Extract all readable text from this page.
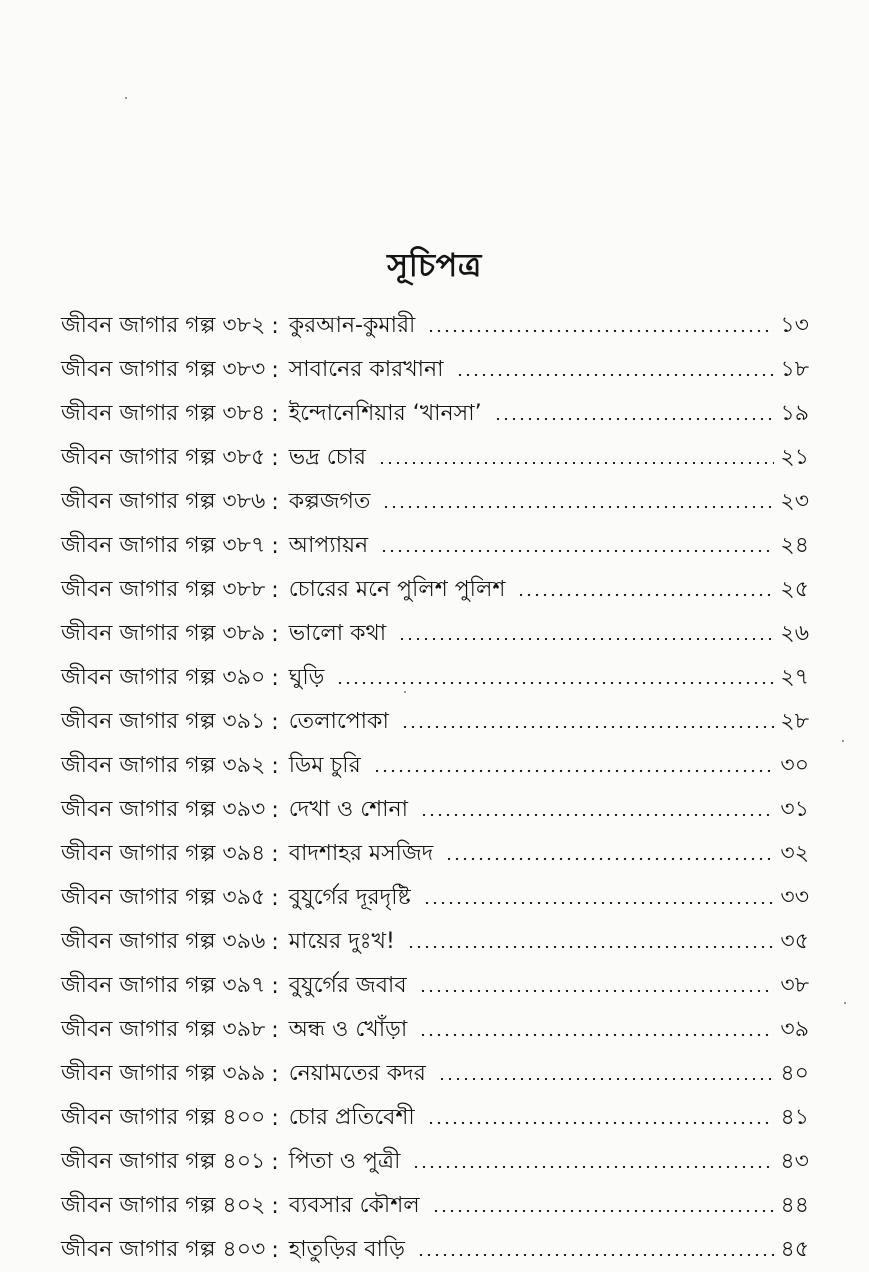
সূচিপত্র
জীবন জাগার গল্প ৩৮২ : কুরআন-কুমারী	১৩
জীবন জাগার গল্প ৩৮৩ : সাবানের কারখানা	১৮
জীবন জাগার গল্প ৩৮৪ : ইন্দোনেশিয়ার ‘খানসা’	১৯
জীবন জাগার গল্প ৩৮৫ : ভদ্র চোর	২১
জীবন জাগার গল্প ৩৮৬ : কল্পজগত	২৩
জীবন জাগার গল্প ৩৮৭ : আপ্যায়ন	২৪
জীবন জাগার গল্প ৩৮৮ : চোরের মনে পুলিশ পুলিশ	২৫
জীবন জাগার গল্প ৩৮৯ : ভালো কথা	২৬
জীবন জাগার গল্প ৩৯০ : ঘুড়ি	২৭
জীবন জাগার গল্প ৩৯১ : তেলাপোকা	২৮
জীবন জাগার গল্প ৩৯২ : ডিম চুরি	৩০
জীবন জাগার গল্প ৩৯৩ : দেখা ও শোনা	৩১
জীবন জাগার গল্প ৩৯৪ : বাদশাহর মসজিদ	৩২
জীবন জাগার গল্প ৩৯৫ : বুযুর্গের দূরদৃষ্টি	৩৩
জীবন জাগার গল্প ৩৯৬ : মায়ের দুঃখ!	৩৫
জীবন জাগার গল্প ৩৯৭ : বুযুর্গের জবাব	৩৮
জীবন জাগার গল্প ৩৯৮ : অন্ধ ও খোঁড়া	৩৯
জীবন জাগার গল্প ৩৯৯ : নেয়ামতের কদর	৪০
জীবন জাগার গল্প ৪০০ : চোর প্রতিবেশী	৪১
জীবন জাগার গল্প ৪০১ : পিতা ও পুত্রী	৪৩
জীবন জাগার গল্প ৪০২ : ব্যবসার কৌশল	৪৪
জীবন জাগার গল্প ৪০৩ : হাতুড়ির বাড়ি	৪৫
